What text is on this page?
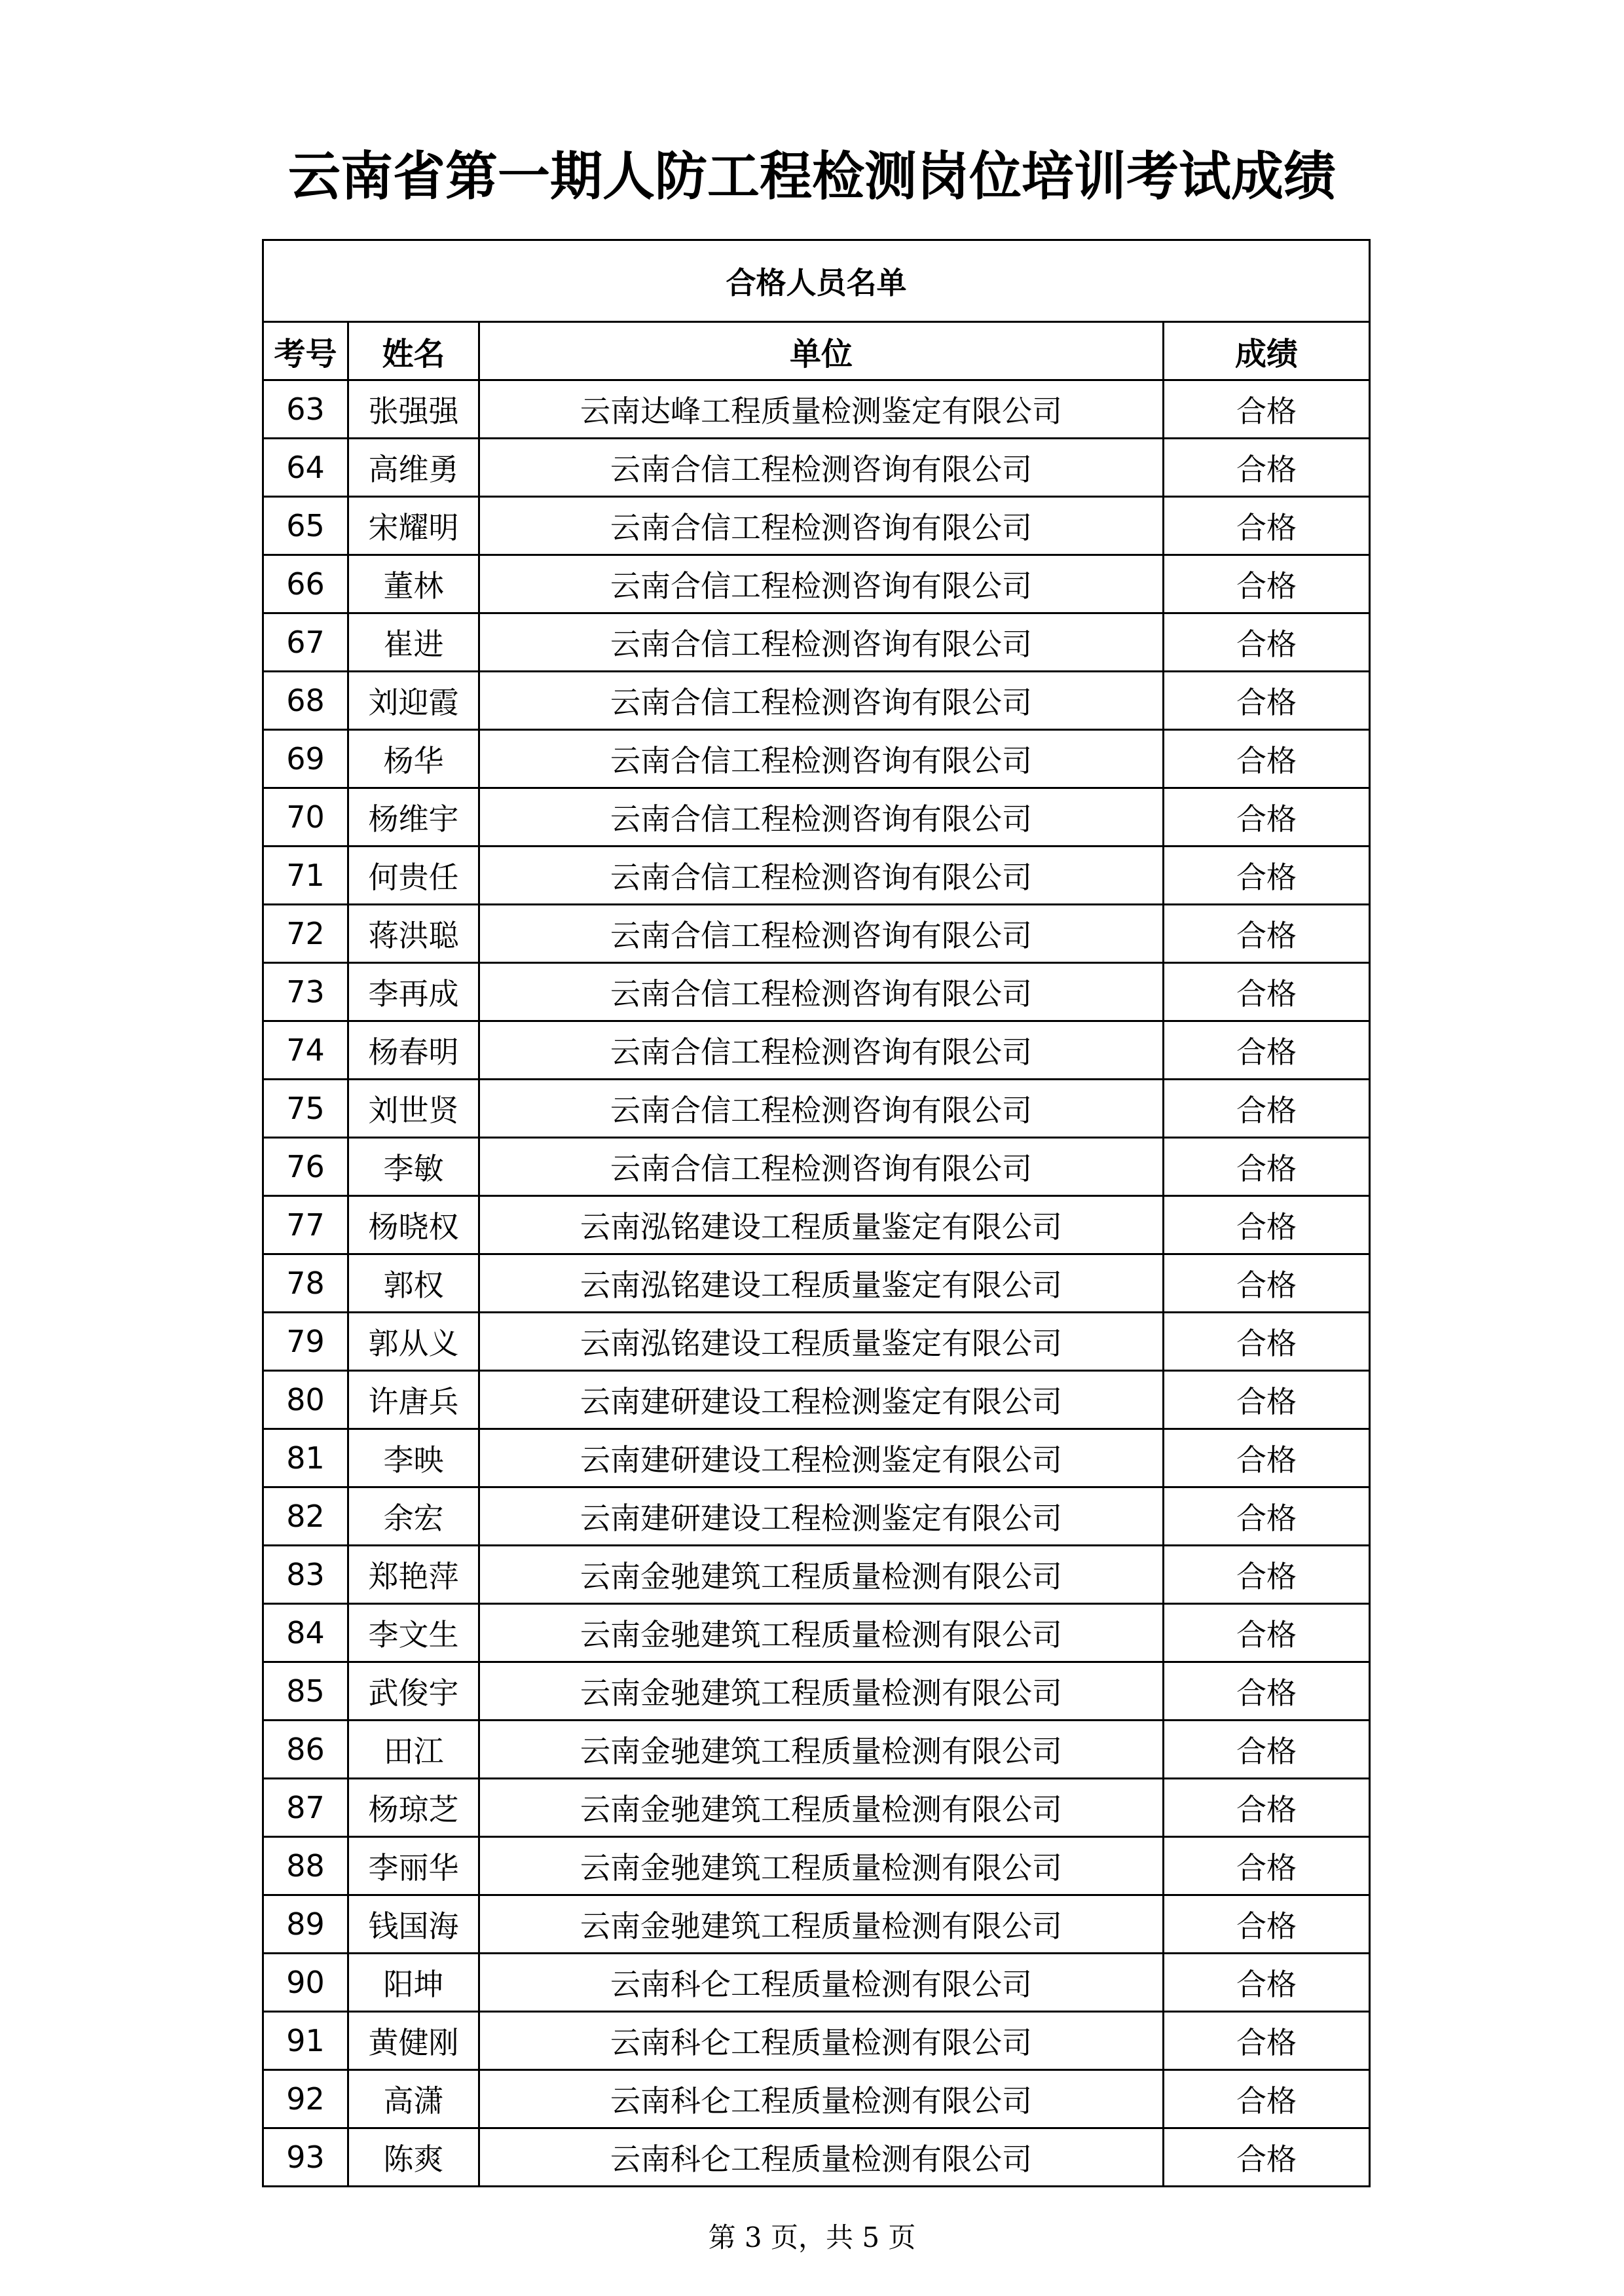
云南省第一期人防工程检测岗位培训考试成绩
合格人员名单			
考号	姓名	单位	成绩
63	张强强	云南达峰工程质量检测鉴定有限公司	合格
64	高维勇	云南合信工程检测咨询有限公司	合格
65	宋耀明	云南合信工程检测咨询有限公司	合格
66	董林	云南合信工程检测咨询有限公司	合格
67	崔进	云南合信工程检测咨询有限公司	合格
68	刘迎霞	云南合信工程检测咨询有限公司	合格
69	杨华	云南合信工程检测咨询有限公司	合格
70	杨维宇	云南合信工程检测咨询有限公司	合格
71	何贵任	云南合信工程检测咨询有限公司	合格
72	蒋洪聪	云南合信工程检测咨询有限公司	合格
73	李再成	云南合信工程检测咨询有限公司	合格
74	杨春明	云南合信工程检测咨询有限公司	合格
75	刘世贤	云南合信工程检测咨询有限公司	合格
76	李敏	云南合信工程检测咨询有限公司	合格
77	杨晓权	云南泓铭建设工程质量鉴定有限公司	合格
78	郭权	云南泓铭建设工程质量鉴定有限公司	合格
79	郭从义	云南泓铭建设工程质量鉴定有限公司	合格
80	许唐兵	云南建研建设工程检测鉴定有限公司	合格
81	李映	云南建研建设工程检测鉴定有限公司	合格
82	余宏	云南建研建设工程检测鉴定有限公司	合格
83	郑艳萍	云南金驰建筑工程质量检测有限公司	合格
84	李文生	云南金驰建筑工程质量检测有限公司	合格
85	武俊宇	云南金驰建筑工程质量检测有限公司	合格
86	田江	云南金驰建筑工程质量检测有限公司	合格
87	杨琼芝	云南金驰建筑工程质量检测有限公司	合格
88	李丽华	云南金驰建筑工程质量检测有限公司	合格
89	钱国海	云南金驰建筑工程质量检测有限公司	合格
90	阳坤	云南科仑工程质量检测有限公司	合格
91	黄健刚	云南科仑工程质量检测有限公司	合格
92	高潇	云南科仑工程质量检测有限公司	合格
93	陈爽	云南科仑工程质量检测有限公司	合格
第 3 页，共 5 页
